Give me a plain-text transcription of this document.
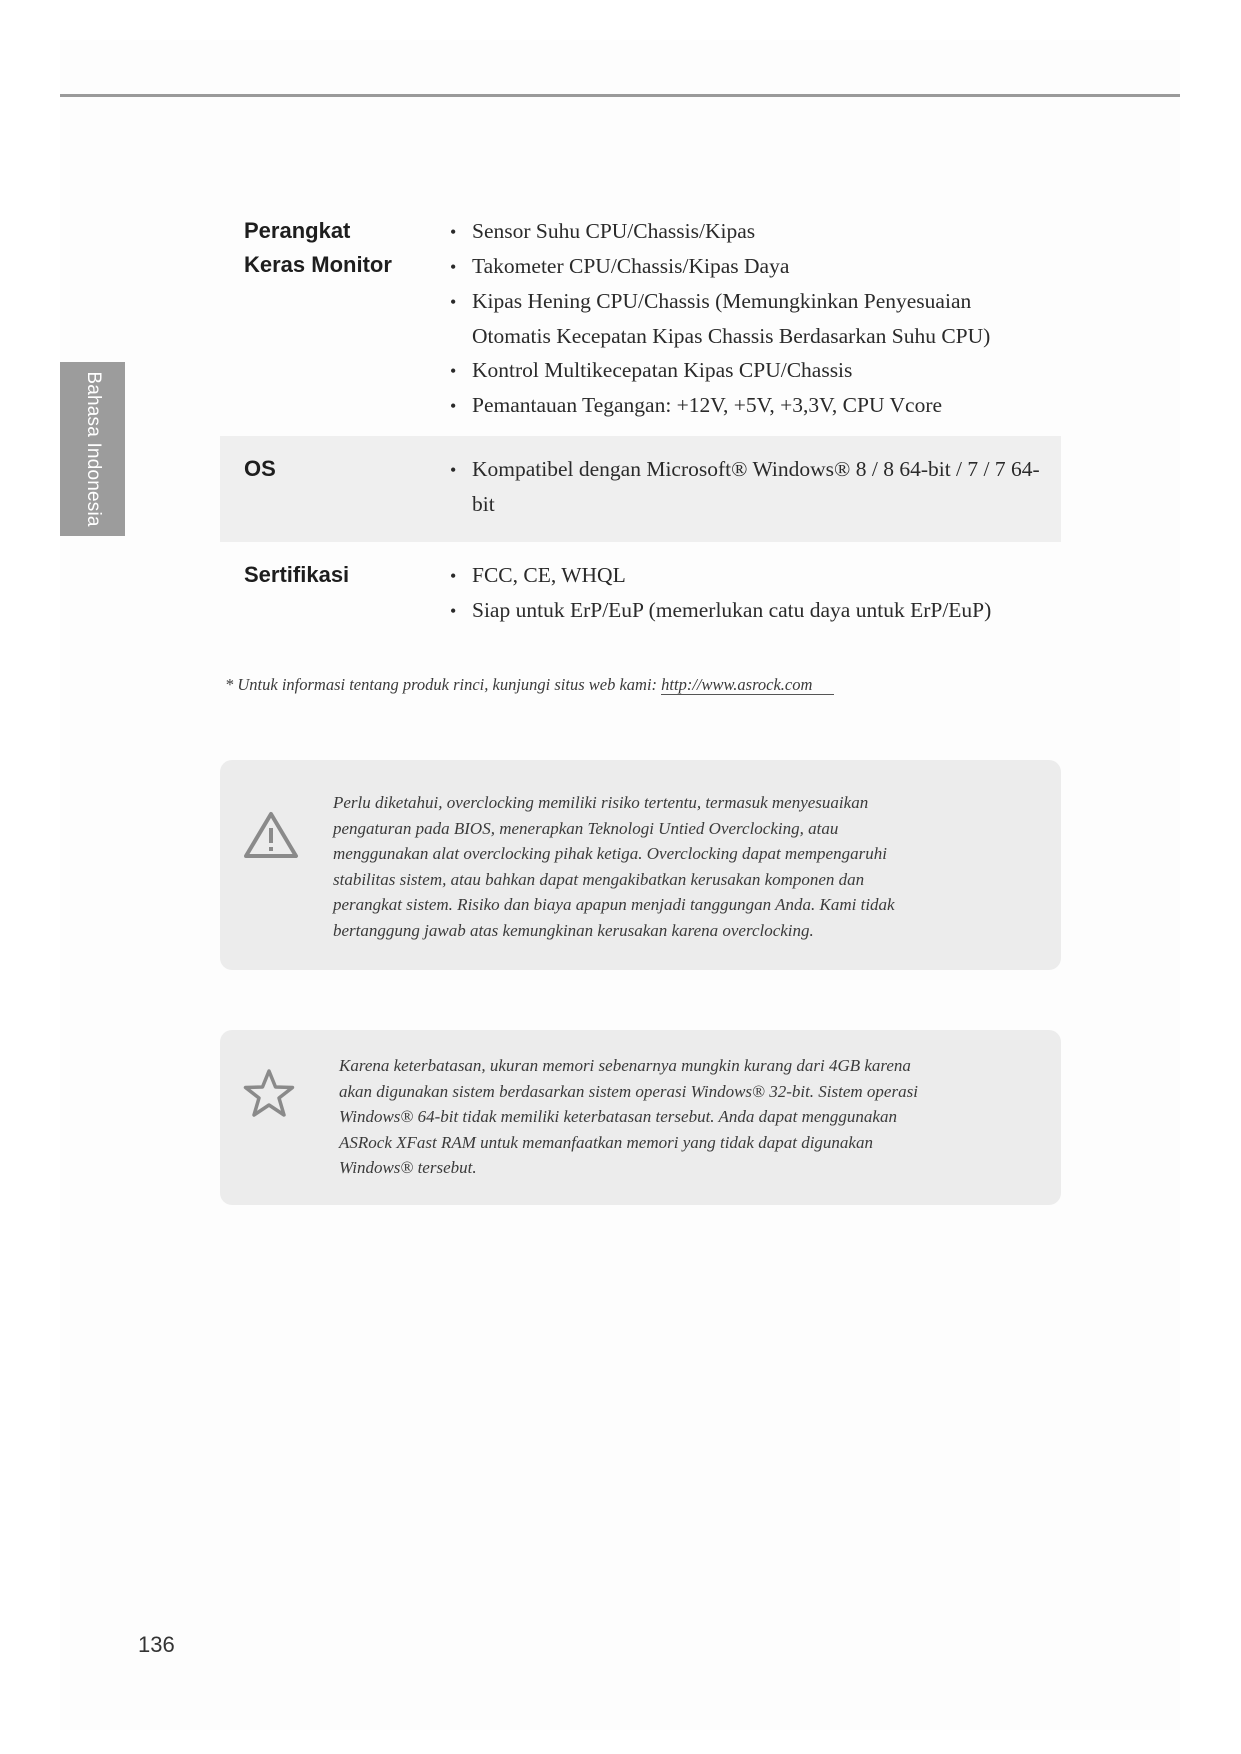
Bahasa Indonesia
Perangkat
Keras Monitor
• Sensor Suhu CPU/Chassis/Kipas
• Takometer CPU/Chassis/Kipas Daya
• Kipas Hening CPU/Chassis (Memungkinkan Penyesuaian Otomatis Kecepatan Kipas Chassis Berdasarkan Suhu CPU)
• Kontrol Multikecepatan Kipas CPU/Chassis
• Pemantauan Tegangan: +12V, +5V, +3,3V, CPU Vcore
OS	• Kompatibel dengan Microsoft® Windows® 8 / 8 64-bit / 7 / 7 64-bit
Sertifikasi	• FCC, CE, WHQL
• Siap untuk ErP/EuP (memerlukan catu daya untuk ErP/EuP)
* Untuk informasi tentang produk rinci, kunjungi situs web kami: http://www.asrock.com
Perlu diketahui, overclocking memiliki risiko tertentu, termasuk menyesuaikan
pengaturan pada BIOS, menerapkan Teknologi Untied Overclocking, atau
menggunakan alat overclocking pihak ketiga. Overclocking dapat mempengaruhi
stabilitas sistem, atau bahkan dapat mengakibatkan kerusakan komponen dan
perangkat sistem. Risiko dan biaya apapun menjadi tanggungan Anda. Kami tidak
bertanggung jawab atas kemungkinan kerusakan karena overclocking.
Karena keterbatasan, ukuran memori sebenarnya mungkin kurang dari 4GB karena
akan digunakan sistem berdasarkan sistem operasi Windows® 32-bit. Sistem operasi
Windows® 64-bit tidak memiliki keterbatasan tersebut. Anda dapat menggunakan
ASRock XFast RAM untuk memanfaatkan memori yang tidak dapat digunakan
Windows® tersebut.
136
